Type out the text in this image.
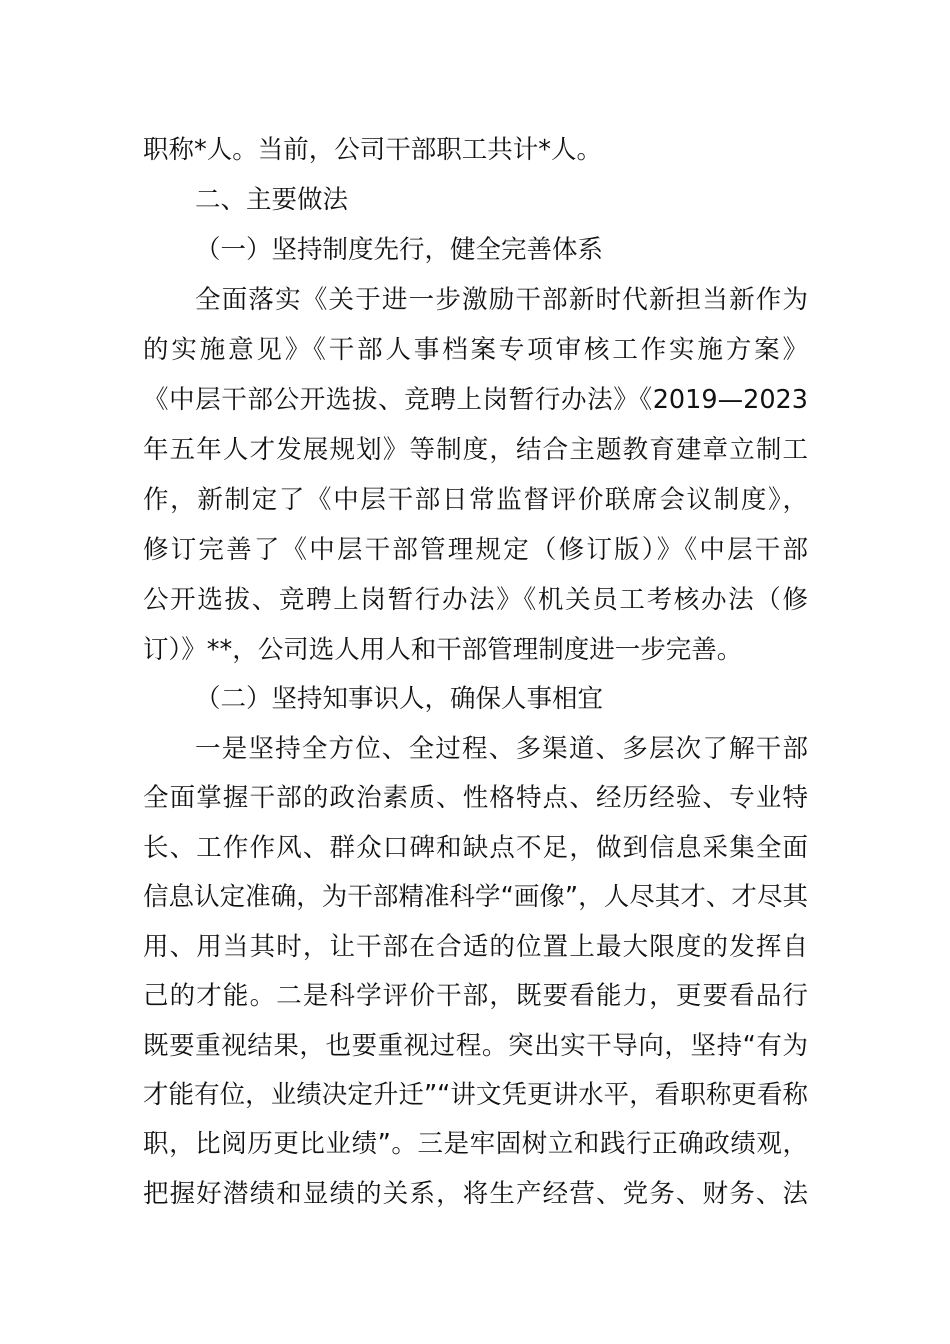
职称*人。当前，公司干部职工共计*人。
二、主要做法
（一）坚持制度先行，健全完善体系
全面落实《关于进一步激励干部新时代新担当新作为
的实施意见》《干部人事档案专项审核工作实施方案》
《中层干部公开选拔、竞聘上岗暂行办法》《2019—2023
年五年人才发展规划》等制度，结合主题教育建章立制工
作，新制定了《中层干部日常监督评价联席会议制度》，
修订完善了《中层干部管理规定（修订版）》《中层干部
公开选拔、竞聘上岗暂行办法》《机关员工考核办法（修
订）》**，公司选人用人和干部管理制度进一步完善。
（二）坚持知事识人，确保人事相宜
一是坚持全方位、全过程、多渠道、多层次了解干部
全面掌握干部的政治素质、性格特点、经历经验、专业特
长、工作作风、群众口碑和缺点不足，做到信息采集全面
信息认定准确，为干部精准科学“画像”，人尽其才、才尽其
用、用当其时，让干部在合适的位置上最大限度的发挥自
己的才能。二是科学评价干部，既要看能力，更要看品行
既要重视结果，也要重视过程。突出实干导向，坚持“有为
才能有位，业绩决定升迁”“讲文凭更讲水平，看职称更看称
职，比阅历更比业绩”。三是牢固树立和践行正确政绩观，
把握好潜绩和显绩的关系，将生产经营、党务、财务、法
